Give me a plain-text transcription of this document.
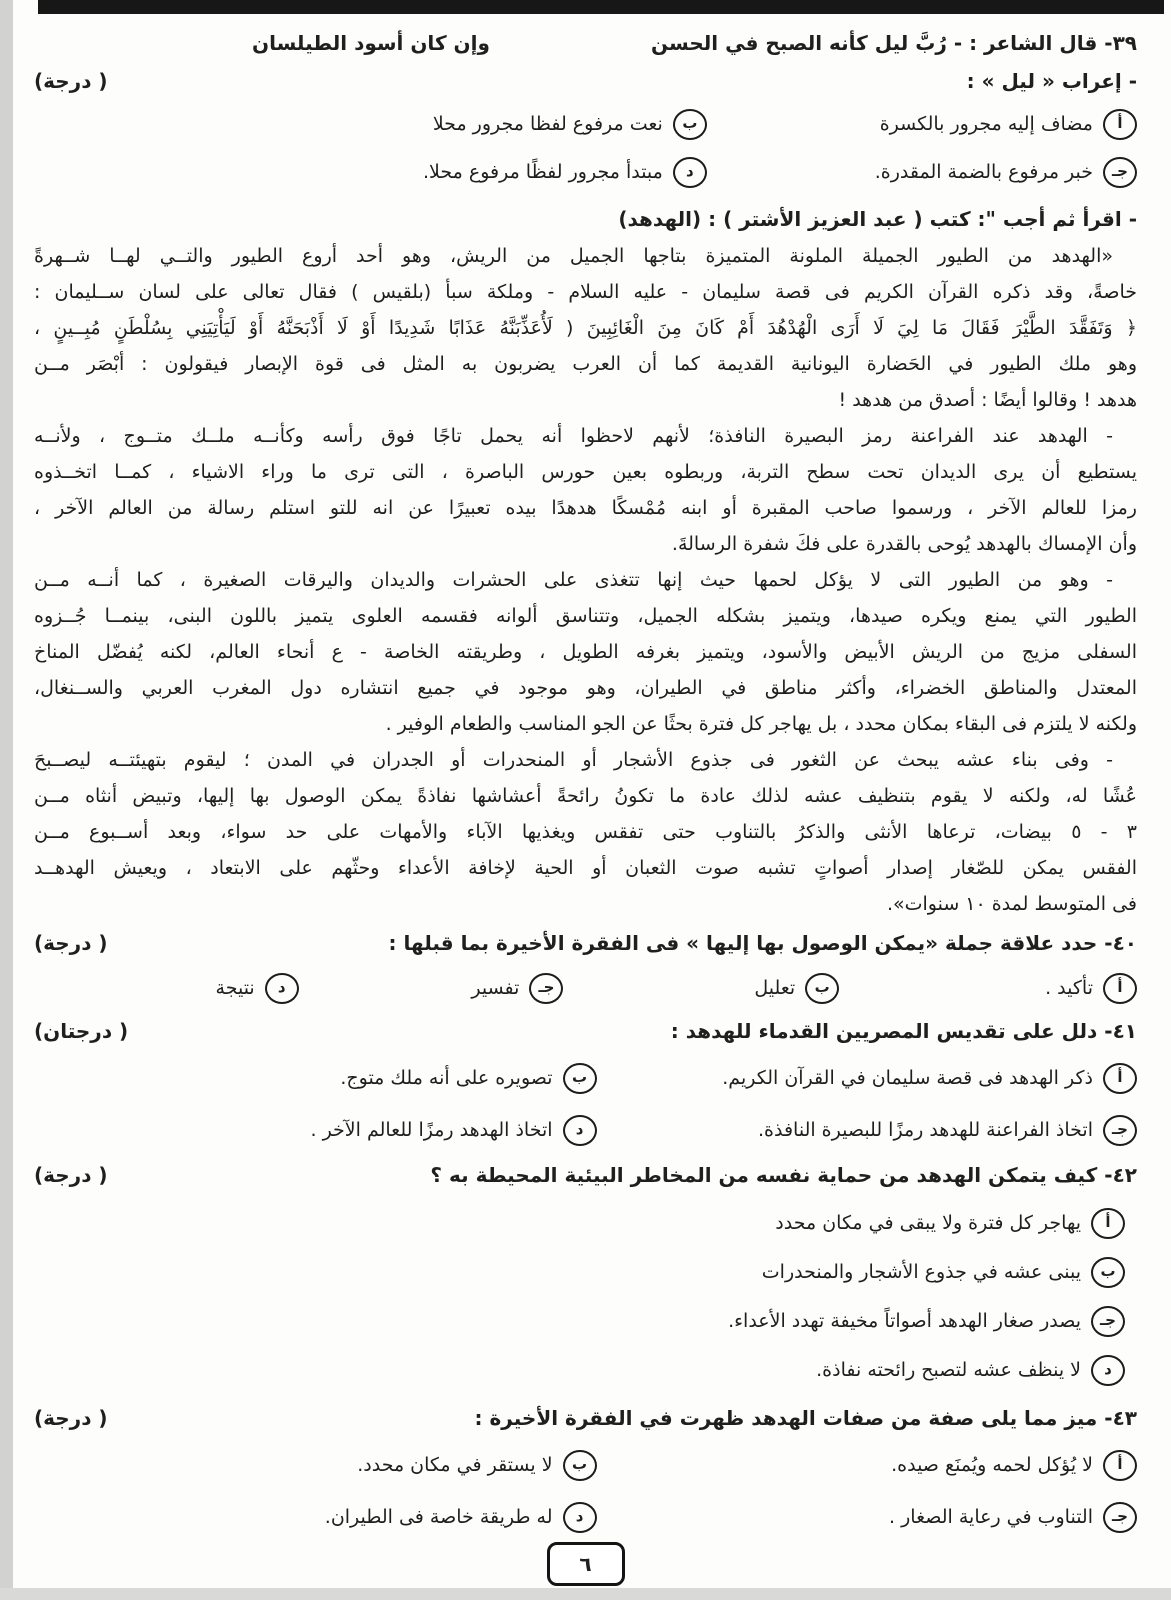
٣٩- قال الشاعر : - رُبَّ ليل كأنه الصبح في الحسن
وإن كان أسود الطيلسان
- إعراب « ليل » :
( درجة)
أ
مضاف إليه مجرور بالكسرة
ب
نعت مرفوع لفظا مجرور محلا
جـ
خبر مرفوع بالضمة المقدرة.
د
مبتدأ مجرور لفظًا مرفوع محلا.
- اقرأ ثم أجب ": كتب ( عبد العزيز الأشتر ) : (الهدهد)
«الهدهد من الطيور الجميلة الملونة المتميزة بتاجها الجميل من الريش، وهو أحد أروع الطيور والتــي لهــا شــهرةً
خاصةً، وقد ذكره القرآن الكريم فى قصة سليمان - عليه السلام - وملكة سبأ (بلقيس ) فقال تعالى على لسان ســليمان :
﴿ وَتَفَقَّدَ الطَّيْرَ فَقَالَ مَا لِيَ لَا أَرَى الْهُدْهُدَ أَمْ كَانَ مِنَ الْغَائِبِينَ ( لَأُعَذِّبَنَّهُ عَذَابًا شَدِيدًا أَوْ لَا أَذْبَحَنَّهُ أَوْ لَيَأْتِيَنِي بِسُلْطَنٍ مُبِــينٍ ،
وهو ملك الطيور في الحَضارة اليونانية القديمة كما أن العرب يضربون به المثل فى قوة الإبصار فيقولون : أبْصَر مــن
هدهد ! وقالوا أيضًا : أصدق من هدهد !
- الهدهد عند الفراعنة رمز البصيرة النافذة؛ لأنهم لاحظوا أنه يحمل تاجًا فوق رأسه وكأنــه ملــك متــوج ، ولأنــه
يستطيع أن يرى الديدان تحت سطح التربة، وربطوه بعين حورس الباصرة ، التى ترى ما وراء الاشياء ، كمــا اتخــذوه
رمزا للعالم الآخر ، ورسموا صاحب المقبرة أو ابنه مُمْسكًا هدهدًا بيده تعبيرًا عن انه للتو استلم رسالة من العالم الآخر ،
وأن الإمساك بالهدهد يُوحى بالقدرة على فكَ شفرة الرسالةَ.
- وهو من الطيور التى لا يؤكل لحمها حيث إنها تتغذى على الحشرات والديدان واليرقات الصغيرة ، كما أنــه مــن
الطيور التي يمنع ويكره صيدها، ويتميز بشكله الجميل، وتتناسق ألوانه فقسمه العلوى يتميز باللون البنى، بينمــا جُــزوه
السفلى مزيج من الريش الأبيض والأسود، ويتميز بغرفه الطويل ، وطريقته الخاصة - ع أنحاء العالم، لكنه يُفضّل المناخ
المعتدل والمناطق الخضراء، وأكثر مناطق في الطيران، وهو موجود في جميع انتشاره دول المغرب العربي والســنغال،
ولكنه لا يلتزم فى البقاء بمكان محدد ، بل يهاجر كل فترة بحثًا عن الجو المناسب والطعام الوفير .
- وفى بناء عشه يبحث عن الثغور فى جذوع الأشجار أو المنحدرات أو الجدران في المدن ؛ ليقوم بتهيئتــه ليصــبحَ
عُشًا له، ولكنه لا يقوم بتنظيف عشه لذلك عادة ما تكونُ رائحةً أعشاشها نفاذةً يمكن الوصول بها إليها، وتبيض أنثاه مــن
٣ - ٥ بيضات، ترعاها الأنثى والذكرُ بالتناوب حتى تفقس ويغذيها الآباء والأمهات على حد سواء، وبعد أســبوع مــن
الفقس يمكن للصّغار إصدار أصواتٍ تشبه صوت الثعبان أو الحية لإخافة الأعداء وحثّهم على الابتعاد ، ويعيش الهدهــد
فى المتوسط لمدة ١٠ سنوات».
٤٠- حدد علاقة جملة «يمكن الوصول بها إليها » فى الفقرة الأخيرة بما قبلها :
( درجة)
أ
تأكيد .
ب
تعليل
جـ
تفسير
د
نتيجة
٤١- دلل على تقديس المصريين القدماء للهدهد :
( درجتان)
أ
ذكر الهدهد فى قصة سليمان في القرآن الكريم.
ب
تصويره على أنه ملك متوج.
جـ
اتخاذ الفراعنة للهدهد رمزًا للبصيرة النافذة.
د
اتخاذ الهدهد رمزًا للعالم الآخر .
٤٢- كيف يتمكن الهدهد من حماية نفسه من المخاطر البيئية المحيطة به ؟
( درجة)
أ
يهاجر كل فترة ولا يبقى في مكان محدد
ب
يبنى عشه في جذوع الأشجار والمنحدرات
جـ
يصدر صغار الهدهد أصواتاً مخيفة تهدد الأعداء.
د
لا ينظف عشه لتصبح رائحته نفاذة.
٤٣- ميز مما يلى صفة من صفات الهدهد ظهرت في الفقرة الأخيرة :
( درجة)
أ
لا يُؤكل لحمه ويُمنَع صيده.
ب
لا يستقر في مكان محدد.
جـ
التناوب في رعاية الصغار .
د
له طريقة خاصة فى الطيران.
٦
